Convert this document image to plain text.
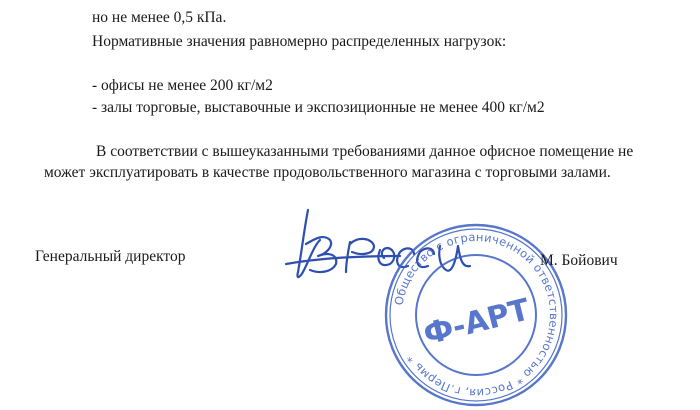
но не менее 0,5 кПа.
Нормативные значения равномерно распределенных нагрузок:
- офисы не менее 200 кг/м2
- залы торговые, выставочные и экспозиционные не менее 400 кг/м2
В соответствии с вышеуказанными требованиями данное офисное помещение не
может эксплуатировать в качестве продовольственного магазина с торговыми залами.
Генеральный директор
Общество с ограниченной ответственностью * Россия, г.Пермь *
Ф-АРТ
М. Бойович
